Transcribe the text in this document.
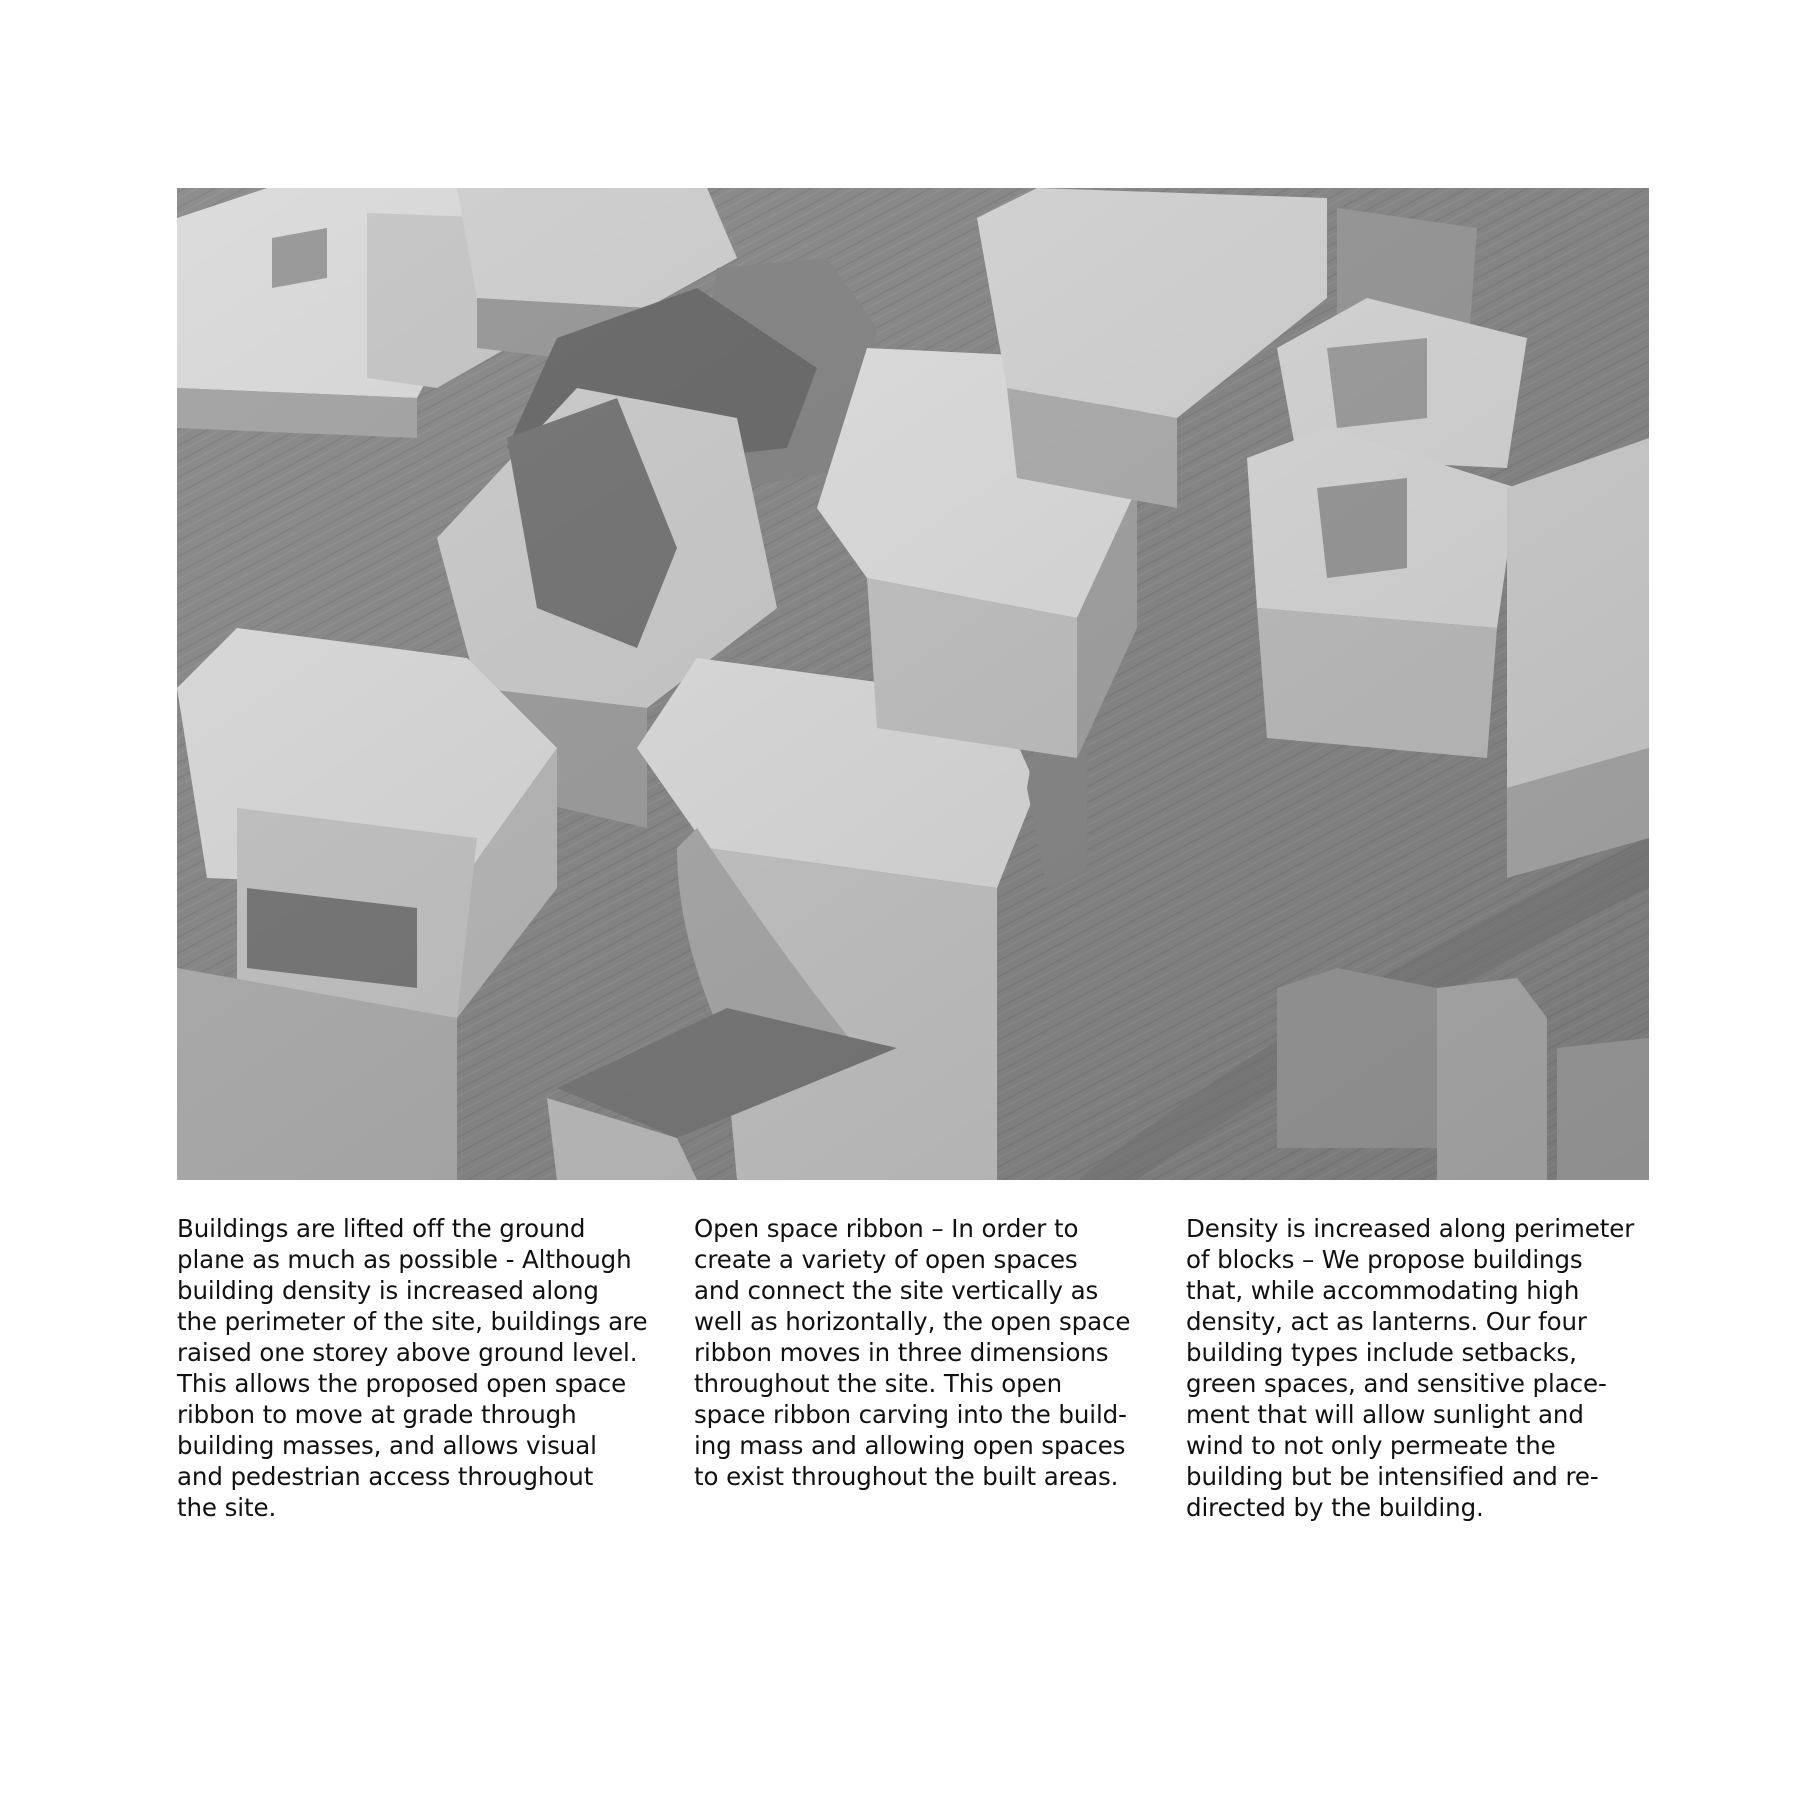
Buildings are lifted off the ground
plane as much as possible - Although
building density is increased along
the perimeter of the site, buildings are
raised one storey above ground level.
This allows the proposed open space
ribbon to move at grade through
building masses, and allows visual
and pedestrian access throughout
the site.
Open space ribbon – In order to
create a variety of open spaces
and connect the site vertically as
well as horizontally, the open space
ribbon moves in three dimensions
throughout the site. This open
space ribbon carving into the build-
ing mass and allowing open spaces
to exist throughout the built areas.
Density is increased along perimeter
of blocks – We propose buildings
that, while accommodating high
density, act as lanterns. Our four
building types include setbacks,
green spaces, and sensitive place-
ment that will allow sunlight and
wind to not only permeate the
building but be intensified and re-
directed by the building.
